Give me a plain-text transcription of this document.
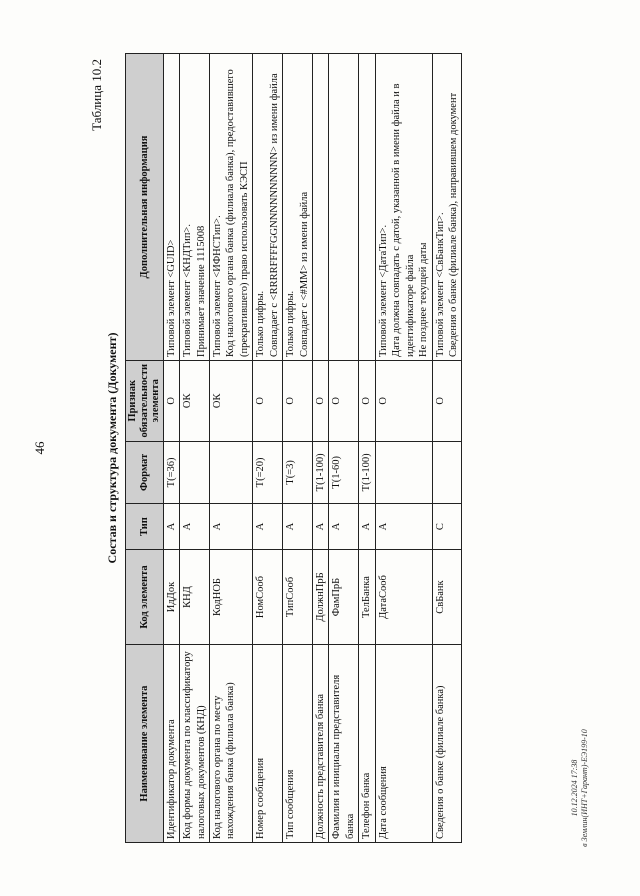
46
10.12.2024 17:38 в Землин(ИНТ+Гарант)-ЕЭ199-10
Таблица 10.2
Состав и структура документа (Документ)
Наименование элемента	Код элемента	Тип	Формат	Признак обязательности элемента	Дополнительная информация
Идентификатор документа	ИдДок	А	T(=36)	О	Типовой элемент <GUID>

Код формы документа по классификатору налоговых документов (КНД)	КНД	А		ОК	Типовой элемент <КНДТип>. Принимает значение 1115008

Код налогового органа по месту нахождения банка (филиала банка)	КодНОБ	А		ОК	Типовой элемент <ИФНСТип>. Код налогового органа банка (филиала банка), предоставившего (прекратившего) право использовать КЭСП

Номер сообщения	НомСооб	А	T(=20)	О	Только цифры. Совпадает с <RRRRFFFFGGNNNNNNNNNN> из имени файла

Тип сообщения	ТипСооб	А	T(=3)	О	Только цифры. Совпадает с <#MM> из имени файла

Должность представителя банка	ДолжнПрБ	А	T(1-100)	О	
Фамилия и инициалы представителя банка	ФамПрБ	А	T(1-60)	О	
Телефон банка	ТелБанка	А	T(1-100)	О	
Дата сообщения	ДатаСооб	А		О	Типовой элемент <ДатаТип>. Дата должна совпадать с датой, указанной в имени файла и в идентификаторе файла Не позднее текущей даты

Сведения о банке (филиале банка)	СвБанк	С		О	Типовой элемент <СвБанкТип>. Сведения о банке (филиале банка), направившем документ
